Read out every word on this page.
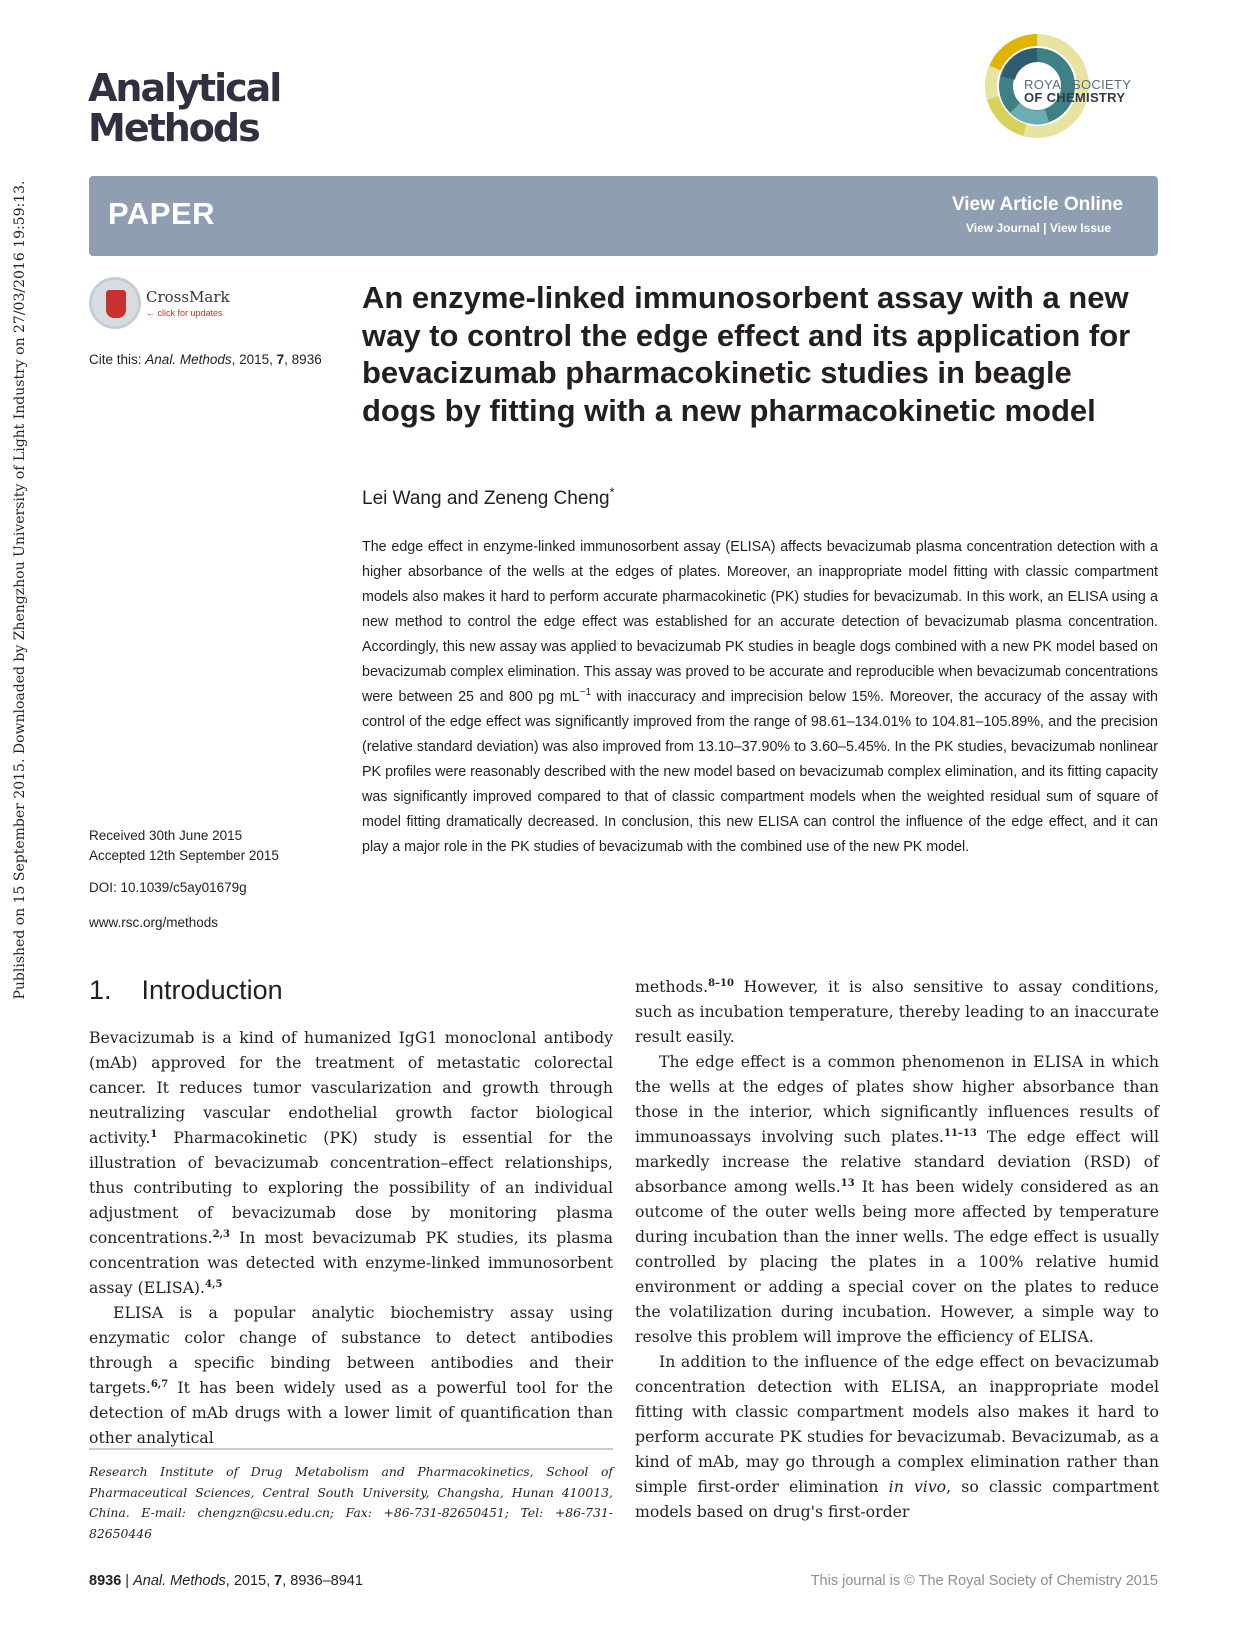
Published on 15 September 2015. Downloaded by Zhengzhou University of Light Industry on 27/03/2016 19:59:13.
Analytical
Methods
ROYAL SOCIETY
OF CHEMISTRY
PAPER	View Article Online
View Journal | View Issue
CrossMark
← click for updates
Cite this: Anal. Methods, 2015, 7, 8936
An enzyme-linked immunosorbent assay with a new way to control the edge effect and its application for bevacizumab pharmacokinetic studies in beagle dogs by fitting with a new pharmacokinetic model
Lei Wang and Zeneng Cheng*
The edge effect in enzyme-linked immunosorbent assay (ELISA) affects bevacizumab plasma concentration detection with a higher absorbance of the wells at the edges of plates. Moreover, an inappropriate model fitting with classic compartment models also makes it hard to perform accurate pharmacokinetic (PK) studies for bevacizumab. In this work, an ELISA using a new method to control the edge effect was established for an accurate detection of bevacizumab plasma concentration. Accordingly, this new assay was applied to bevacizumab PK studies in beagle dogs combined with a new PK model based on bevacizumab complex elimination. This assay was proved to be accurate and reproducible when bevacizumab concentrations were between 25 and 800 pg $mL^{-1}$ with inaccuracy and imprecision below 15%. Moreover, the accuracy of the assay with control of the edge effect was significantly improved from the range of 98.61–134.01% to 104.81–105.89%, and the precision (relative standard deviation) was also improved from 13.10–37.90% to 3.60–5.45%. In the PK studies, bevacizumab nonlinear PK profiles were reasonably described with the new model based on bevacizumab complex elimination, and its fitting capacity was significantly improved compared to that of classic compartment models when the weighted residual sum of square of model fitting dramatically decreased. In conclusion, this new ELISA can control the influence of the edge effect, and it can play a major role in the PK studies of bevacizumab with the combined use of the new PK model.
Received 30th June 2015
Accepted 12th September 2015
DOI: 10.1039/c5ay01679g
www.rsc.org/methods
1.    Introduction

Bevacizumab is a kind of humanized IgG1 monoclonal antibody (mAb) approved for the treatment of metastatic colorectal cancer. It reduces tumor vascularization and growth through neutralizing vascular endothelial growth factor biological activity.$^1$ Pharmacokinetic (PK) study is essential for the illustration of bevacizumab concentration–effect relationships, thus contributing to exploring the possibility of an individual adjustment of bevacizumab dose by monitoring plasma concentrations.$^{2,3}$ In most bevacizumab PK studies, its plasma concentration was detected with enzyme-linked immunosorbent assay (ELISA).$^{4,5}$

ELISA is a popular analytic biochemistry assay using enzymatic color change of substance to detect antibodies through a specific binding between antibodies and their targets.$^{6,7}$ It has been widely used as a powerful tool for the detection of mAb drugs with a lower limit of quantification than other analytical

methods.$^{8-10}$ However, it is also sensitive to assay conditions, such as incubation temperature, thereby leading to an inaccurate result easily.

The edge effect is a common phenomenon in ELISA in which the wells at the edges of plates show higher absorbance than those in the interior, which significantly influences results of immunoassays involving such plates.$^{11-13}$ The edge effect will markedly increase the relative standard deviation (RSD) of absorbance among wells.$^{13}$ It has been widely considered as an outcome of the outer wells being more affected by temperature during incubation than the inner wells. The edge effect is usually controlled by placing the plates in a 100% relative humid environment or adding a special cover on the plates to reduce the volatilization during incubation. However, a simple way to resolve this problem will improve the efficiency of ELISA.

In addition to the influence of the edge effect on bevacizumab concentration detection with ELISA, an inappropriate model fitting with classic compartment models also makes it hard to perform accurate PK studies for bevacizumab. Bevacizumab, as a kind of mAb, may go through a complex elimination rather than simple first-order elimination in vivo, so classic compartment models based on drug's first-order

Research Institute of Drug Metabolism and Pharmacokinetics, School of Pharmaceutical Sciences, Central South University, Changsha, Hunan 410013, China. E-mail: chengzn@csu.edu.cn; Fax: +86-731-82650451; Tel: +86-731-82650446
8936 | Anal. Methods, 2015, 7, 8936–8941	This journal is © The Royal Society of Chemistry 2015
